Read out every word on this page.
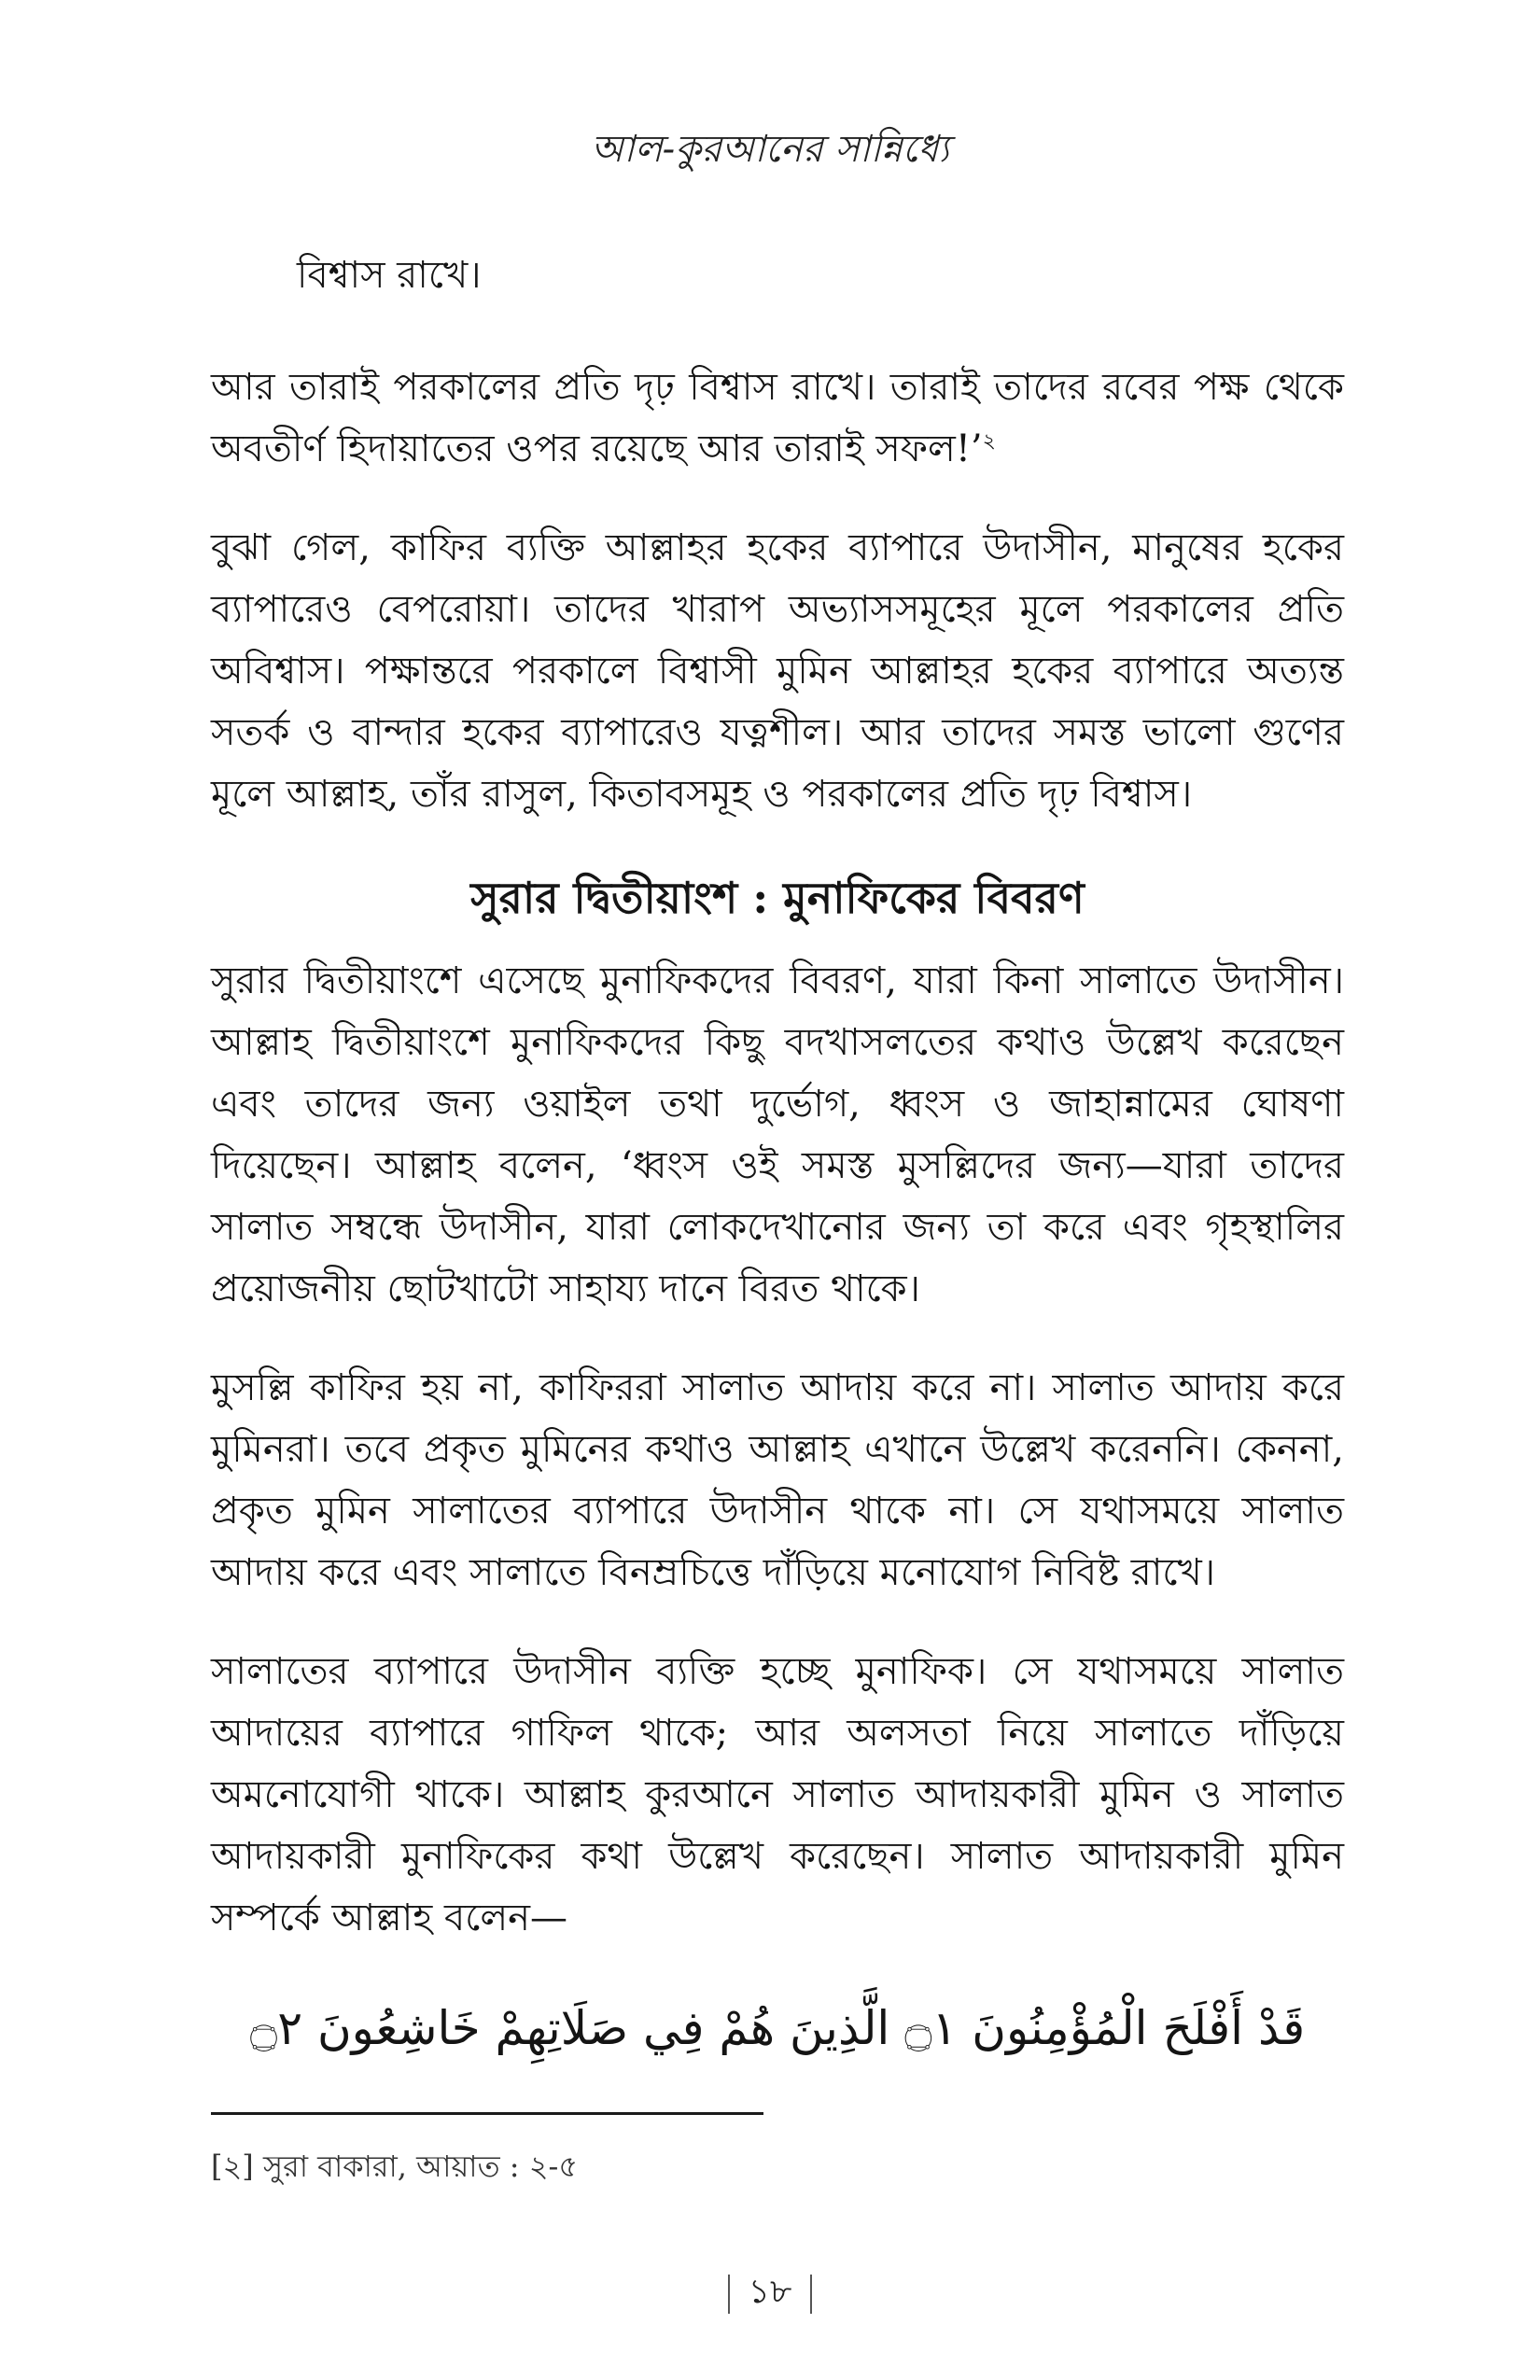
আল-কুরআনের সান্নিধ্যে

বিশ্বাস রাখে।

আর তারাই পরকালের প্রতি দৃঢ় বিশ্বাস রাখে। তারাই তাদের রবের পক্ষ থেকে অবতীর্ণ হিদায়াতের ওপর রয়েছে আর তারাই সফল!’$^২$

বুঝা গেল, কাফির ব্যক্তি আল্লাহর হকের ব্যাপারে উদাসীন, মানুষের হকের ব্যাপারেও বেপরোয়া। তাদের খারাপ অভ্যাসসমূহের মূলে পরকালের প্রতি অবিশ্বাস। পক্ষান্তরে পরকালে বিশ্বাসী মুমিন আল্লাহর হকের ব্যাপারে অত্যন্ত সতর্ক ও বান্দার হকের ব্যাপারেও যত্নশীল। আর তাদের সমস্ত ভালো গুণের মূলে আল্লাহ, তাঁর রাসুল, কিতাবসমূহ ও পরকালের প্রতি দৃঢ় বিশ্বাস।

সুরার দ্বিতীয়াংশ : মুনাফিকের বিবরণ

সুরার দ্বিতীয়াংশে এসেছে মুনাফিকদের বিবরণ, যারা কিনা সালাতে উদাসীন। আল্লাহ দ্বিতীয়াংশে মুনাফিকদের কিছু বদখাসলতের কথাও উল্লেখ করেছেন এবং তাদের জন্য ওয়াইল তথা দুর্ভোগ, ধ্বংস ও জাহান্নামের ঘোষণা দিয়েছেন। আল্লাহ বলেন, ‘ধ্বংস ওই সমস্ত মুসল্লিদের জন্য—যারা তাদের সালাত সম্বন্ধে উদাসীন, যারা লোকদেখানোর জন্য তা করে এবং গৃহস্থালির প্রয়োজনীয় ছোটখাটো সাহায্য দানে বিরত থাকে।

মুসল্লি কাফির হয় না, কাফিররা সালাত আদায় করে না। সালাত আদায় করে মুমিনরা। তবে প্রকৃত মুমিনের কথাও আল্লাহ এখানে উল্লেখ করেননি। কেননা, প্রকৃত মুমিন সালাতের ব্যাপারে উদাসীন থাকে না। সে যথাসময়ে সালাত আদায় করে এবং সালাতে বিনম্রচিত্তে দাঁড়িয়ে মনোযোগ নিবিষ্ট রাখে।

সালাতের ব্যাপারে উদাসীন ব্যক্তি হচ্ছে মুনাফিক। সে যথাসময়ে সালাত আদায়ের ব্যাপারে গাফিল থাকে; আর অলসতা নিয়ে সালাতে দাঁড়িয়ে অমনোযোগী থাকে। আল্লাহ কুরআনে সালাত আদায়কারী মুমিন ও সালাত আদায়কারী মুনাফিকের কথা উল্লেখ করেছেন। সালাত আদায়কারী মুমিন সম্পর্কে আল্লাহ বলেন—

قَدْ أَفْلَحَ الْمُؤْمِنُونَ ۝١ الَّذِينَ هُمْ فِي صَلَاتِهِمْ خَاشِعُونَ ۝٢
[২] সুরা বাকারা, আয়াত : ২-৫
১৮
